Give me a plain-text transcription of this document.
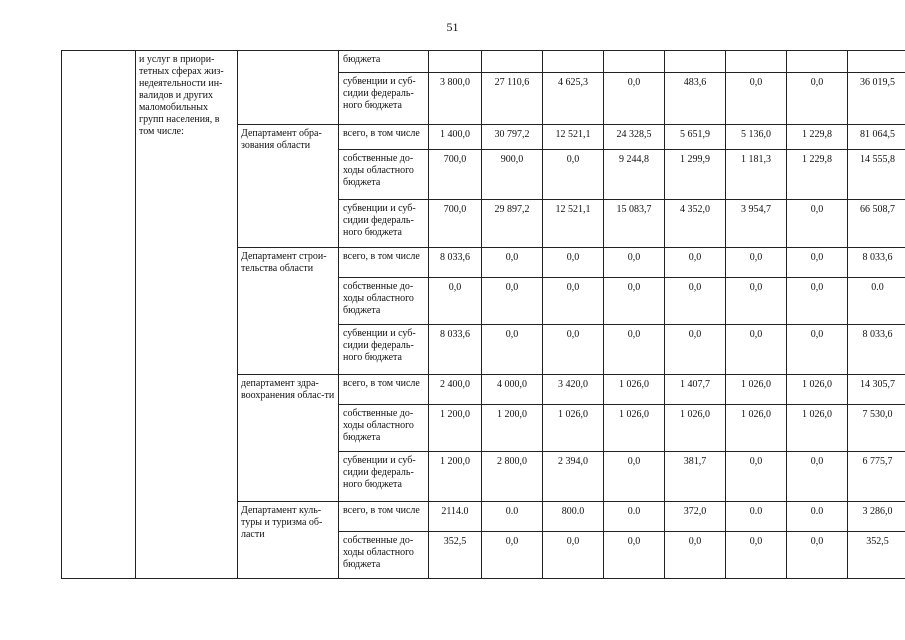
51
	и услуг в приори-тетных сферах жиз-недеятельности ин-валидов и других маломобильных групп населения, в том числе:		бюджета								
			субвенции и суб-сидии федераль-ного бюджета	3 800,0	27 110,6	4 625,3	0,0	483,6	0,0	0,0	36 019,5
		Департамент обра-зования области	всего, в том числе	1 400,0	30 797,2	12 521,1	24 328,5	5 651,9	5 136,0	1 229,8	81 064,5
			собственные до-ходы областного бюджета	700,0	900,0	0,0	9 244,8	1 299,9	1 181,3	1 229,8	14 555,8
			субвенции и суб-сидии федераль-ного бюджета	700,0	29 897,2	12 521,1	15 083,7	4 352,0	3 954,7	0,0	66 508,7
		Департамент строи-тельства области	всего, в том числе	8 033,6	0,0	0,0	0,0	0,0	0,0	0,0	8 033,6
			собственные до-ходы областного бюджета	0,0	0,0	0,0	0,0	0,0	0,0	0,0	0.0
			субвенции и суб-сидии федераль-ного бюджета	8 033,6	0,0	0,0	0,0	0,0	0,0	0,0	8 033,6
		департамент здра-воохранения облас-ти	всего, в том числе	2 400,0	4 000,0	3 420,0	1 026,0	1 407,7	1 026,0	1 026,0	14 305,7
			собственные до-ходы областного бюджета	1 200,0	1 200,0	1 026,0	1 026,0	1 026,0	1 026,0	1 026,0	7 530,0
			субвенции и суб-сидии федераль-ного бюджета	1 200,0	2 800,0	2 394,0	0,0	381,7	0,0	0,0	6 775,7
		Департамент куль-туры и туризма об-ласти	всего, в том числе	2114.0	0.0	800.0	0.0	372,0	0.0	0.0	3 286,0
			собственные до-ходы областного бюджета	352,5	0,0	0,0	0,0	0,0	0,0	0,0	352,5
